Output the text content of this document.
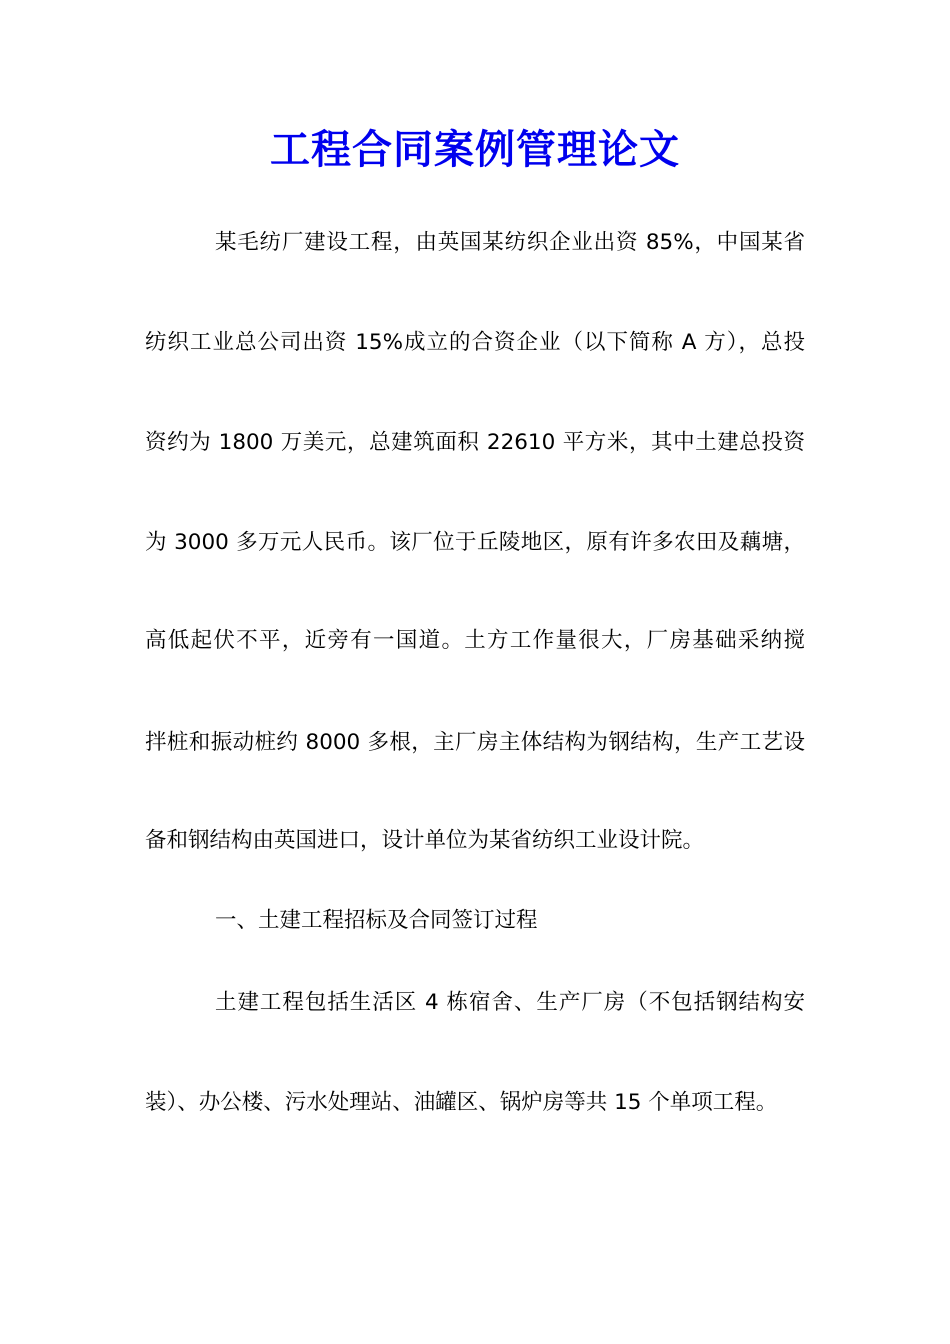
工程合同案例管理论文
某毛纺厂建设工程，由英国某纺织企业出资 85%，中国某省
纺织工业总公司出资 15%成立的合资企业（以下简称 A 方），总投
资约为 1800 万美元，总建筑面积 22610 平方米，其中土建总投资
为 3000 多万元人民币。该厂位于丘陵地区，原有许多农田及藕塘，
高低起伏不平，近旁有一国道。土方工作量很大，厂房基础采纳搅
拌桩和振动桩约 8000 多根，主厂房主体结构为钢结构，生产工艺设
备和钢结构由英国进口，设计单位为某省纺织工业设计院。
一、土建工程招标及合同签订过程
土建工程包括生活区 4 栋宿舍、生产厂房（不包括钢结构安
装）、办公楼、污水处理站、油罐区、锅炉房等共 15 个单项工程。
